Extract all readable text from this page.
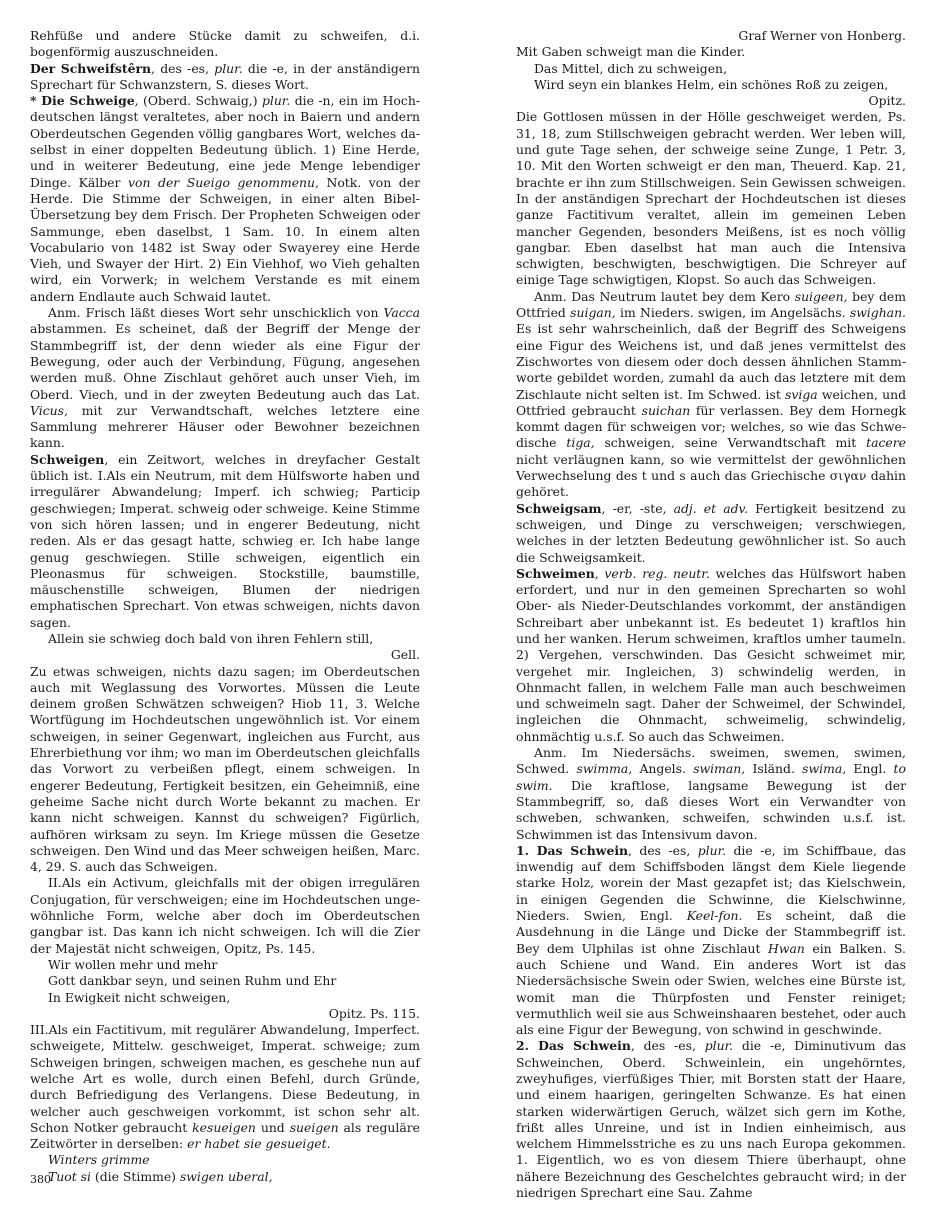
Rehfüße und andere Stücke damit zu schweifen, d.i. bogenförmig auszuschneiden.

Der Schweifstêrn, des -es, plur. die -e, in der anständigern Sprechart für Schwanzstern, S. dieses Wort.

* Die Schweige, (Oberd. Schwaig,) plur. die -n, ein im Hochdeutschen längst veraltetes, aber noch in Baiern und andern Oberdeutschen Gegenden völlig gangbares Wort, welches daselbst in einer doppelten Bedeutung üblich. 1) Eine Herde, und in weiterer Bedeutung, eine jede Menge lebendiger Dinge. Kälber von der Sueigo genommenu, Notk. von der Herde. Die Stimme der Schweigen, in einer alten Bibel-Übersetzung bey dem Frisch. Der Propheten Schweigen oder Sammunge, eben daselbst, 1 Sam. 10. In einem alten Vocabulario von 1482 ist Sway oder Swayerey eine Herde Vieh, und Swayer der Hirt. 2) Ein Viehhof, wo Vieh gehalten wird, ein Vorwerk; in welchem Verstande es mit einem andern Endlaute auch Schwaid lautet.

Anm. Frisch läßt dieses Wort sehr unschicklich von Vacca abstammen. Es scheinet, daß der Begriff der Menge der Stammbegriff ist, der denn wieder als eine Figur der Bewegung, oder auch der Verbindung, Fügung, angesehen werden muß. Ohne Zischlaut gehöret auch unser Vieh, im Oberd. Viech, und in der zweyten Bedeutung auch das Lat. Vicus, mit zur Verwandtschaft, welches letztere eine Sammlung mehrerer Häuser oder Bewohner bezeichnen kann.

Schweigen, ein Zeitwort, welches in dreyfacher Gestalt üblich ist. I.Als ein Neutrum, mit dem Hülfsworte haben und irregulärer Abwandelung; Imperf. ich schwieg; Particip geschwiegen; Imperat. schweig oder schweige. Keine Stimme von sich hören lassen; und in engerer Bedeutung, nicht reden. Als er das gesagt hatte, schwieg er. Ich habe lange genug geschwiegen. Stille schweigen, eigentlich ein Pleonasmus für schweigen. Stockstille, baumstille, mäuschenstille schweigen, Blumen der niedrigen emphatischen Sprechart. Von etwas schweigen, nichts davon sagen.

Allein sie schwieg doch bald von ihren Fehlern still,

Gell.

Zu etwas schweigen, nichts dazu sagen; im Oberdeutschen auch mit Weglassung des Vorwortes. Müssen die Leute deinem großen Schwätzen schweigen? Hiob 11, 3. Welche Wortfügung im Hochdeutschen ungewöhnlich ist. Vor einem schweigen, in seiner Gegenwart, ingleichen aus Furcht, aus Ehrerbiethung vor ihm; wo man im Oberdeutschen gleichfalls das Vorwort zu verbeißen pflegt, einem schweigen. In engerer Bedeutung, Fertigkeit besitzen, ein Geheimniß, eine geheime Sache nicht durch Worte bekannt zu machen. Er kann nicht schweigen. Kannst du schweigen? Figürlich, aufhören wirksam zu seyn. Im Kriege müssen die Gesetze schweigen. Den Wind und das Meer schweigen heißen, Marc. 4, 29. S. auch das Schweigen.

II.Als ein Activum, gleichfalls mit der obigen irregulären Conjugation, für verschweigen; eine im Hochdeutschen ungewöhnliche Form, welche aber doch im Oberdeutschen gangbar ist. Das kann ich nicht schweigen. Ich will die Zier der Majestät nicht schweigen, Opitz, Ps. 145.

Wir wollen mehr und mehr

Gott dankbar seyn, und seinen Ruhm und Ehr

In Ewigkeit nicht schweigen,

Opitz. Ps. 115.

III.Als ein Factitivum, mit regulärer Abwandelung, Imperfect. schweigete, Mittelw. geschweiget, Imperat. schweige; zum Schweigen bringen, schweigen machen, es geschehe nun auf welche Art es wolle, durch einen Befehl, durch Gründe, durch Befriedigung des Verlangens. Diese Bedeutung, in welcher auch geschweigen vorkommt, ist schon sehr alt. Schon Notker gebraucht kesueigen und sueigen als reguläre Zeitwörter in derselben: er habet sie gesueiget.

Winters grimme

Tuot si (die Stimme) swigen uberal,

Graf Werner von Honberg.

Mit Gaben schweigt man die Kinder.

Das Mittel, dich zu schweigen,

Wird seyn ein blankes Helm, ein schönes Roß zu zeigen,

Opitz.

Die Gottlosen müssen in der Hölle geschweiget werden, Ps. 31, 18, zum Stillschweigen gebracht werden. Wer leben will, und gute Tage sehen, der schweige seine Zunge, 1 Petr. 3, 10. Mit den Worten schweigt er den man, Theuerd. Kap. 21, brachte er ihn zum Stillschweigen. Sein Gewissen schweigen. In der anständigen Sprechart der Hochdeutschen ist dieses ganze Factitivum veraltet, allein im gemeinen Leben mancher Gegenden, besonders Meißens, ist es noch völlig gangbar. Eben daselbst hat man auch die Intensiva schwigten, beschwigten, beschwigtigen. Die Schreyer auf einige Tage schwigtigen, Klopst. So auch das Schweigen.

Anm. Das Neutrum lautet bey dem Kero suigeen, bey dem Ottfried suigan, im Nieders. swigen, im Angelsächs. swighan. Es ist sehr wahrscheinlich, daß der Begriff des Schweigens eine Figur des Weichens ist, und daß jenes vermittelst des Zischwortes von diesem oder doch dessen ähnlichen Stammworte gebildet worden, zumahl da auch das letztere mit dem Zischlaute nicht selten ist. Im Schwed. ist sviga weichen, und Ottfried gebraucht suichan für verlassen. Bey dem Hornegk kommt dagen für schweigen vor; welches, so wie das Schwedische tiga, schweigen, seine Verwandtschaft mit tacere nicht verläugnen kann, so wie vermittelst der gewöhnlichen Verwechselung des t und s auch das Griechische σιγαν dahin gehöret.

Schweigsam, -er, -ste, adj. et adv. Fertigkeit besitzend zu schweigen, und Dinge zu verschweigen; verschwiegen, welches in der letzten Bedeutung gewöhnlicher ist. So auch die Schweigsamkeit.

Schweimen, verb. reg. neutr. welches das Hülfswort haben erfordert, und nur in den gemeinen Sprecharten so wohl Ober- als Nieder-Deutschlandes vorkommt, der anständigen Schreibart aber unbekannt ist. Es bedeutet 1) kraftlos hin und her wanken. Herum schweimen, kraftlos umher taumeln. 2) Vergehen, verschwinden. Das Gesicht schweimet mir, vergehet mir. Ingleichen, 3) schwindelig werden, in Ohnmacht fallen, in welchem Falle man auch beschweimen und schweimeln sagt. Daher der Schweimel, der Schwindel, ingleichen die Ohnmacht, schweimelig, schwindelig, ohnmächtig u.s.f. So auch das Schweimen.

Anm. Im Niedersächs. sweimen, swemen, swimen, Schwed. swimma, Angels. swiman, Isländ. swima, Engl. to swim. Die kraftlose, langsame Bewegung ist der Stammbegriff, so, daß dieses Wort ein Verwandter von schweben, schwanken, schweifen, schwinden u.s.f. ist. Schwimmen ist das Intensivum davon.

1. Das Schwein, des -es, plur. die -e, im Schiffbaue, das inwendig auf dem Schiffsboden längst dem Kiele liegende starke Holz, worein der Mast gezapfet ist; das Kielschwein, in einigen Gegenden die Schwinne, die Kielschwinne, Nieders. Swien, Engl. Keel-fon. Es scheint, daß die Ausdehnung in die Länge und Dicke der Stammbegriff ist. Bey dem Ulphilas ist ohne Zischlaut Hwan ein Balken. S. auch Schiene und Wand. Ein anderes Wort ist das Niedersächsische Swein oder Swien, welches eine Bürste ist, womit man die Thürpfosten und Fenster reiniget; vermuthlich weil sie aus Schweinshaaren bestehet, oder auch als eine Figur der Bewegung, von schwind in geschwinde.

2. Das Schwein, des -es, plur. die -e, Diminutivum das Schweinchen, Oberd. Schweinlein, ein ungehörntes, zweyhufiges, vierfüßiges Thier, mit Borsten statt der Haare, und einem haarigen, geringelten Schwanze. Es hat einen starken widerwärtigen Geruch, wälzet sich gern im Kothe, frißt alles Unreine, und ist in Indien einheimisch, aus welchem Himmelsstriche es zu uns nach Europa gekommen. 1. Eigentlich, wo es von diesem Thiere überhaupt, ohne nähere Bezeichnung des Geschelchtes gebraucht wird; in der niedrigen Sprechart eine Sau. Zahme

380
